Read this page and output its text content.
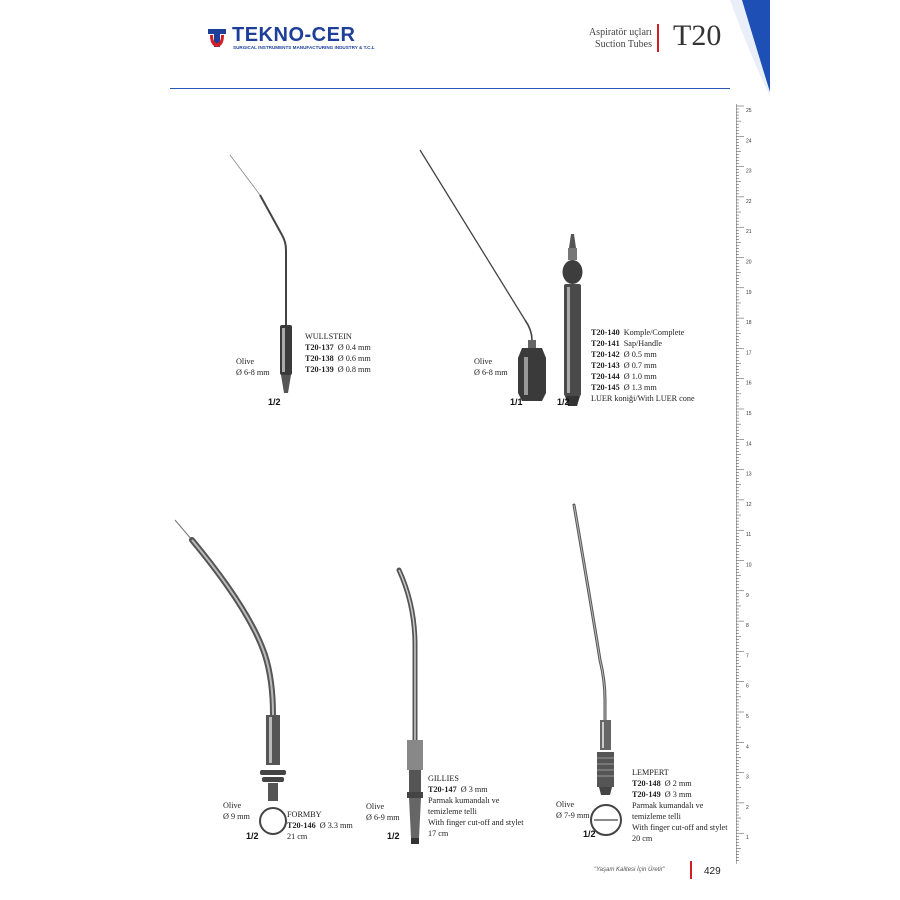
TEKNO-CER
SURGICAL INSTRUMENTS MANUFACTURING INDUSTRY & T.C.L
Aspiratör uçları
Suction Tubes T20
25
24
23
22
21
20
19
18
17
16
15
14
13
12
11
10
9
8
7
6
5
4
3
2
1
WULLSTEIN
T20-137 Ø 0.4 mm
T20-138 Ø 0.6 mm
T20-139 Ø 0.8 mm
Olive
Ø 6-8 mm
1/2
T20-140 Komple/Complete
T20-141 Sap/Handle
T20-142 Ø 0.5 mm
T20-143 Ø 0.7 mm
T20-144 Ø 1.0 mm
T20-145 Ø 1.3 mm
LUER koniği/With LUER cone
Olive
Ø 6-8 mm
1/1	1/2
FORMBY
T20-146 Ø 3.3 mm
21 cm
Olive
Ø 9 mm
1/2
GILLIES
T20-147 Ø 3 mm
Parmak kumandalı ve
temizleme telli
With finger cut-off and stylet
17 cm
Olive
Ø 6-9 mm
1/2
LEMPERT
T20-148 Ø 2 mm
T20-149 Ø 3 mm
Parmak kumandalı ve
temizleme telli
With finger cut-off and stylet
20 cm
Olive
Ø 7-9 mm
1/2
"Yaşam Kalitesi İçin Üretir"	429
